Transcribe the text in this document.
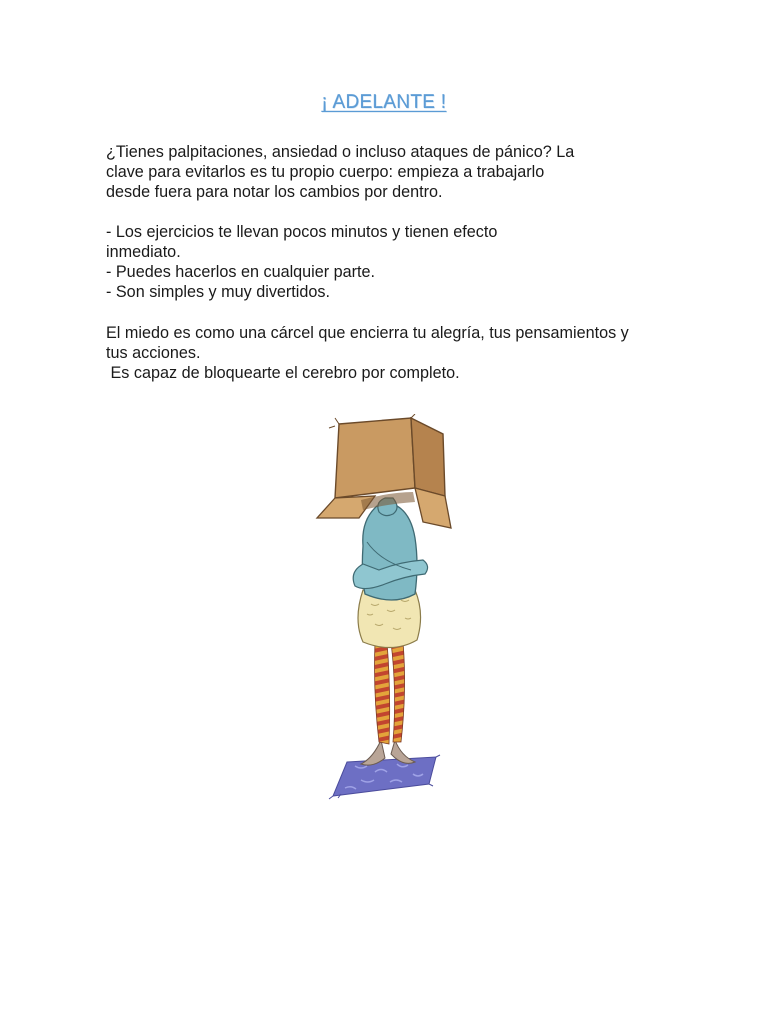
¡ ADELANTE !

¿Tienes palpitaciones, ansiedad o incluso ataques de pánico? La
clave para evitarlos es tu propio cuerpo: empieza a trabajarlo
desde fuera para notar los cambios por dentro.

- Los ejercicios te llevan pocos minutos y tienen efecto
inmediato.
- Puedes hacerlos en cualquier parte.
- Son simples y muy divertidos.

El miedo es como una cárcel que encierra tu alegría, tus pensamientos y
tus acciones.
Es capaz de bloquearte el cerebro por completo.
